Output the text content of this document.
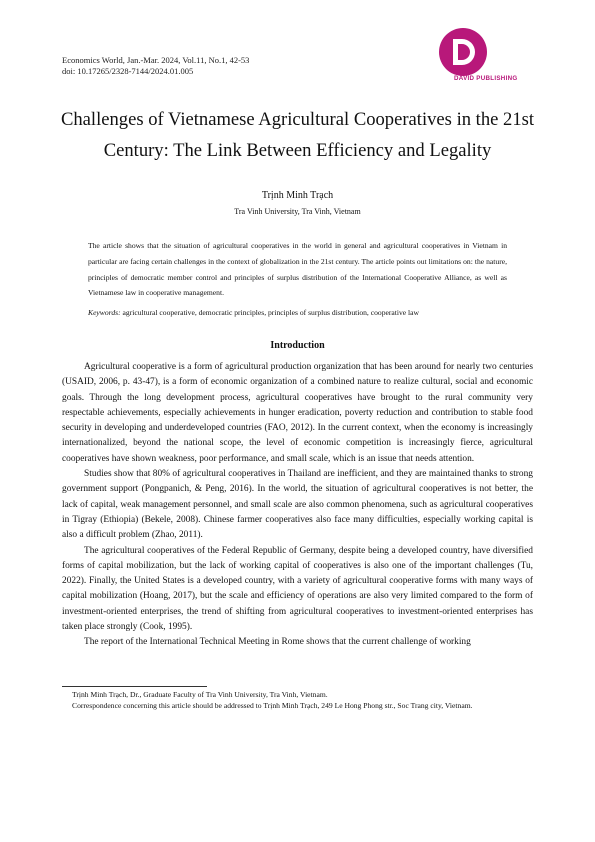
Economics World, Jan.-Mar. 2024, Vol.11, No.1, 42-53
doi: 10.17265/2328-7144/2024.01.005
DAVID PUBLISHING
Challenges of Vietnamese Agricultural Cooperatives in the 21st
Century: The Link Between Efficiency and Legality
Trịnh Minh Trạch
Tra Vinh University, Tra Vinh, Vietnam
The article shows that the situation of agricultural cooperatives in the world in general and agricultural cooperatives in Vietnam in particular are facing certain challenges in the context of globalization in the 21st century. The article points out limitations on: the nature, principles of democratic member control and principles of surplus distribution of the International Cooperative Alliance, as well as Vietnamese law in cooperative management.
Keywords: agricultural cooperative, democratic principles, principles of surplus distribution, cooperative law
Introduction

Agricultural cooperative is a form of agricultural production organization that has been around for nearly two centuries (USAID, 2006, p. 43-47), is a form of economic organization of a combined nature to realize cultural, social and economic goals. Through the long development process, agricultural cooperatives have brought to the rural community very respectable achievements, especially achievements in hunger eradication, poverty reduction and contribution to stable food security in developing and underdeveloped countries (FAO, 2012). In the current context, when the economy is increasingly internationalized, beyond the national scope, the level of economic competition is increasingly fierce, agricultural cooperatives have shown weakness, poor performance, and small scale, which is an issue that needs attention.

Studies show that 80% of agricultural cooperatives in Thailand are inefficient, and they are maintained thanks to strong government support (Pongpanich, & Peng, 2016). In the world, the situation of agricultural cooperatives is not better, the lack of capital, weak management personnel, and small scale are also common phenomena, such as agricultural cooperatives in Tigray (Ethiopia) (Bekele, 2008). Chinese farmer cooperatives also face many difficulties, especially working capital is also a difficult problem (Zhao, 2011).

The agricultural cooperatives of the Federal Republic of Germany, despite being a developed country, have diversified forms of capital mobilization, but the lack of working capital of cooperatives is also one of the important challenges (Tu, 2022). Finally, the United States is a developed country, with a variety of agricultural cooperative forms with many ways of capital mobilization (Hoang, 2017), but the scale and efficiency of operations are also very limited compared to the form of investment-oriented enterprises, the trend of shifting from agricultural cooperatives to investment-oriented enterprises has taken place strongly (Cook, 1995).

The report of the International Technical Meeting in Rome shows that the current challenge of working

Trịnh Minh Trạch, Dr., Graduate Faculty of Tra Vinh University, Tra Vinh, Vietnam.

Correspondence concerning this article should be addressed to Trịnh Minh Trạch, 249 Le Hong Phong str., Soc Trang city, Vietnam.
